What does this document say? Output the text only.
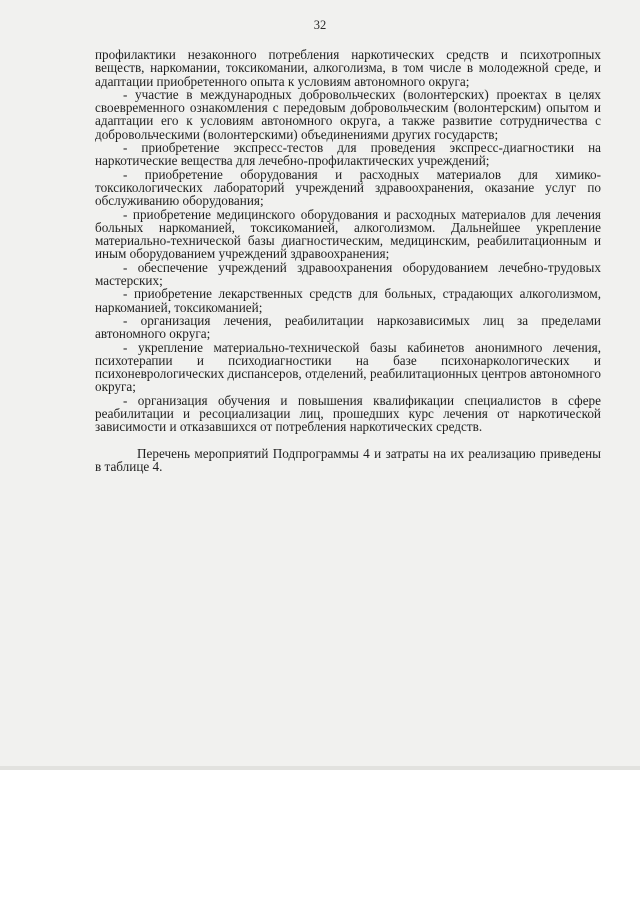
32

профилактики незаконного потребления наркотических средств и психотропных веществ, наркомании, токсикомании, алкоголизма, в том числе в молодежной среде, и адаптации приобретенного опыта к условиям автономного округа;

- участие в международных добровольческих (волонтерских) проектах в целях своевременного ознакомления с передовым добровольческим (волонтерским) опытом и адаптации его к условиям автономного округа, а также развитие сотрудничества с добровольческими (волонтерскими) объединениями других государств;

- приобретение экспресс-тестов для проведения экспресс-диагностики на наркотические вещества для лечебно-профилактических учреждений;

- приобретение оборудования и расходных материалов для химико-токсикологических лабораторий учреждений здравоохранения, оказание услуг по обслуживанию оборудования;

- приобретение медицинского оборудования и расходных материалов для лечения больных наркоманией, токсикоманией, алкоголизмом. Дальнейшее укрепление материально-технической базы диагностическим, медицинским, реабилитационным и иным оборудованием учреждений здравоохранения;

- обеспечение учреждений здравоохранения оборудованием лечебно-трудовых мастерских;

- приобретение лекарственных средств для больных, страдающих алкоголизмом, наркоманией, токсикоманией;

- организация лечения, реабилитации наркозависимых лиц за пределами автономного округа;

- укрепление материально-технической базы кабинетов анонимного лечения, психотерапии и психодиагностики на базе психонаркологических и психоневрологических диспансеров, отделений, реабилитационных центров автономного округа;

- организация обучения и повышения квалификации специалистов в сфере реабилитации и ресоциализации лиц, прошедших курс лечения от наркотической зависимости и отказавшихся от потребления наркотических средств.

Перечень мероприятий Подпрограммы 4 и затраты на их реализацию приведены в таблице 4.
